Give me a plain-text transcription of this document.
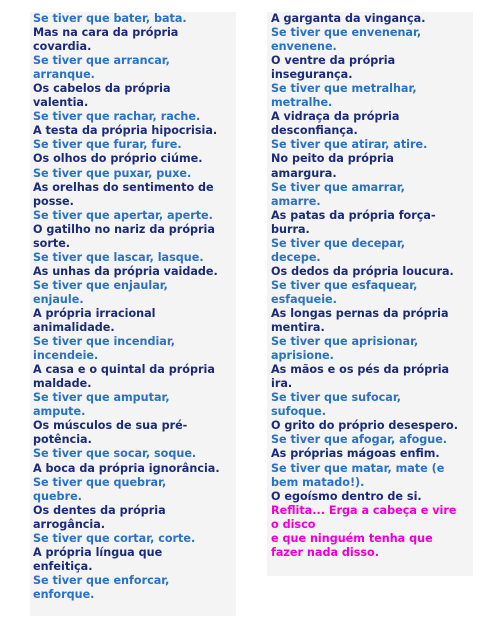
Se tiver que bater, bata.
Mas na cara da própria
covardia.
Se tiver que arrancar,
arranque.
Os cabelos da própria
valentia.
Se tiver que rachar, rache.
A testa da própria hipocrisia.
Se tiver que furar, fure.
Os olhos do próprio ciúme.
Se tiver que puxar, puxe.
As orelhas do sentimento de
posse.
Se tiver que apertar, aperte.
O gatilho no nariz da própria
sorte.
Se tiver que lascar, lasque.
As unhas da própria vaidade.
Se tiver que enjaular,
enjaule.
A própria irracional
animalidade.
Se tiver que incendiar,
incendeie.
A casa e o quintal da própria
maldade.
Se tiver que amputar,
ampute.
Os músculos de sua pré-
potência.
Se tiver que socar, soque.
A boca da própria ignorância.
Se tiver que quebrar,
quebre.
Os dentes da própria
arrogância.
Se tiver que cortar, corte.
A própria língua que
enfeitiça.
Se tiver que enforcar,
enforque.
A garganta da vingança.
Se tiver que envenenar,
envenene.
O ventre da própria
insegurança.
Se tiver que metralhar,
metralhe.
A vidraça da própria
desconfiança.
Se tiver que atirar, atire.
No peito da própria
amargura.
Se tiver que amarrar,
amarre.
As patas da própria força-
burra.
Se tiver que decepar,
decepe.
Os dedos da própria loucura.
Se tiver que esfaquear,
esfaqueie.
As longas pernas da própria
mentira.
Se tiver que aprisionar,
aprisione.
As mãos e os pés da própria
ira.
Se tiver que sufocar,
sufoque.
O grito do próprio desespero.
Se tiver que afogar, afogue.
As próprias mágoas enfim.
Se tiver que matar, mate (e
bem matado!).
O egoísmo dentro de si.
Reflita... Erga a cabeça e vire
o disco
e que ninguém tenha que
fazer nada disso.
